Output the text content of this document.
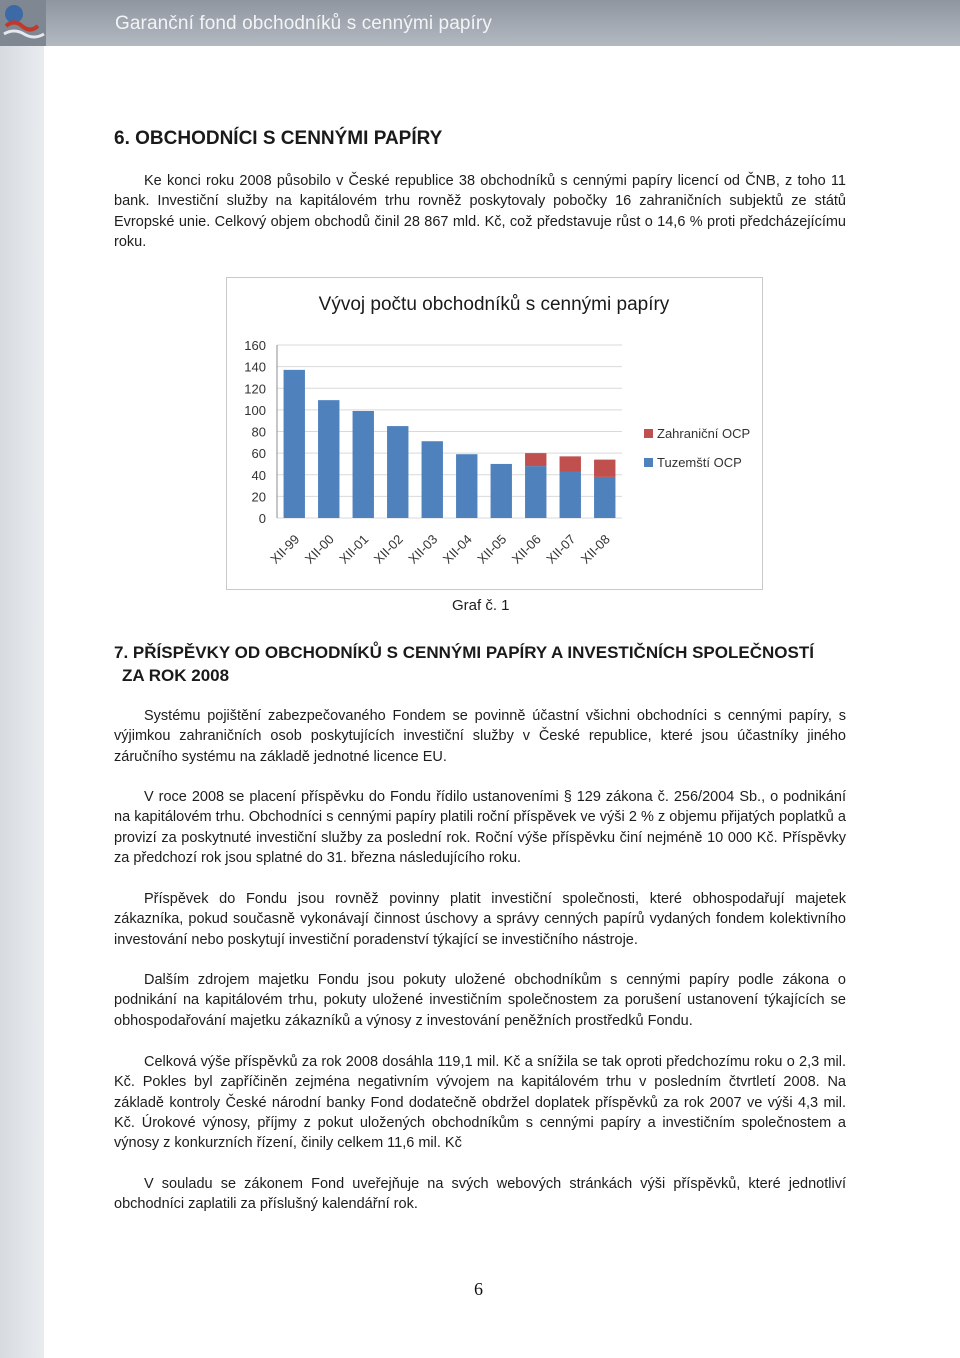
Garanční fond obchodníků s cennými papíry
6. OBCHODNÍCI S CENNÝMI PAPÍRY
Ke konci roku 2008 působilo v České republice 38 obchodníků s cennými papíry licencí od ČNB, z toho 11 bank. Investiční služby na kapitálovém trhu rovněž poskytovaly pobočky 16 zahraničních subjektů ze států Evropské unie. Celkový objem obchodů činil 28 867 mld. Kč, což představuje růst o 14,6 % proti předcházejícímu roku.
Vývoj počtu obchodníků s cennými papíry
160
140
120
100
80
60
40
20
0
XII-99 XII-00 XII-01 XII-02 XII-03 XII-04 XII-05 XII-06 XII-07 XII-08
Zahraniční OCP
Tuzemští OCP
Graf č. 1
7. PŘÍSPĚVKY OD OBCHODNÍKŮ S CENNÝMI PAPÍRY A INVESTIČNÍCH SPOLEČNOSTÍ
ZA ROK 2008
Systému pojištění zabezpečovaného Fondem se povinně účastní všichni obchodníci s cennými papíry, s výjimkou zahraničních osob poskytujících investiční služby v České republice, které jsou účastníky jiného záručního systému na základě jednotné licence EU.
V roce 2008 se placení příspěvku do Fondu řídilo ustanoveními § 129 zákona č. 256/2004 Sb., o podnikání na kapitálovém trhu. Obchodníci s cennými papíry platili roční příspěvek ve výši 2 % z objemu přijatých poplatků a provizí za poskytnuté investiční služby za poslední rok. Roční výše příspěvku činí nejméně 10 000 Kč. Příspěvky za předchozí rok jsou splatné do 31. března následujícího roku.
Příspěvek do Fondu jsou rovněž povinny platit investiční společnosti, které obhospodařují majetek zákazníka, pokud současně vykonávají činnost úschovy a správy cenných papírů vydaných fondem kolektivního investování nebo poskytují investiční poradenství týkající se investičního nástroje.
Dalším zdrojem majetku Fondu jsou pokuty uložené obchodníkům s cennými papíry podle zákona o podnikání na kapitálovém trhu, pokuty uložené investičním společnostem za porušení ustanovení týkajících se obhospodařování majetku zákazníků a výnosy z investování peněžních prostředků Fondu.
Celková výše příspěvků za rok 2008 dosáhla 119,1 mil. Kč a snížila se tak oproti předchozímu roku o 2,3 mil. Kč. Pokles byl zapříčiněn zejména negativním vývojem na kapitálovém trhu v posledním čtvrtletí 2008. Na základě kontroly České národní banky Fond dodatečně obdržel doplatek příspěvků za rok 2007 ve výši 4,3 mil. Kč. Úrokové výnosy, příjmy z pokut uložených obchodníkům s cennými papíry a investičním společnostem a výnosy z konkurzních řízení, činily celkem 11,6 mil. Kč
V souladu se zákonem Fond uveřejňuje na svých webových stránkách výši příspěvků, které jednotliví obchodníci zaplatili za příslušný kalendářní rok.
6
